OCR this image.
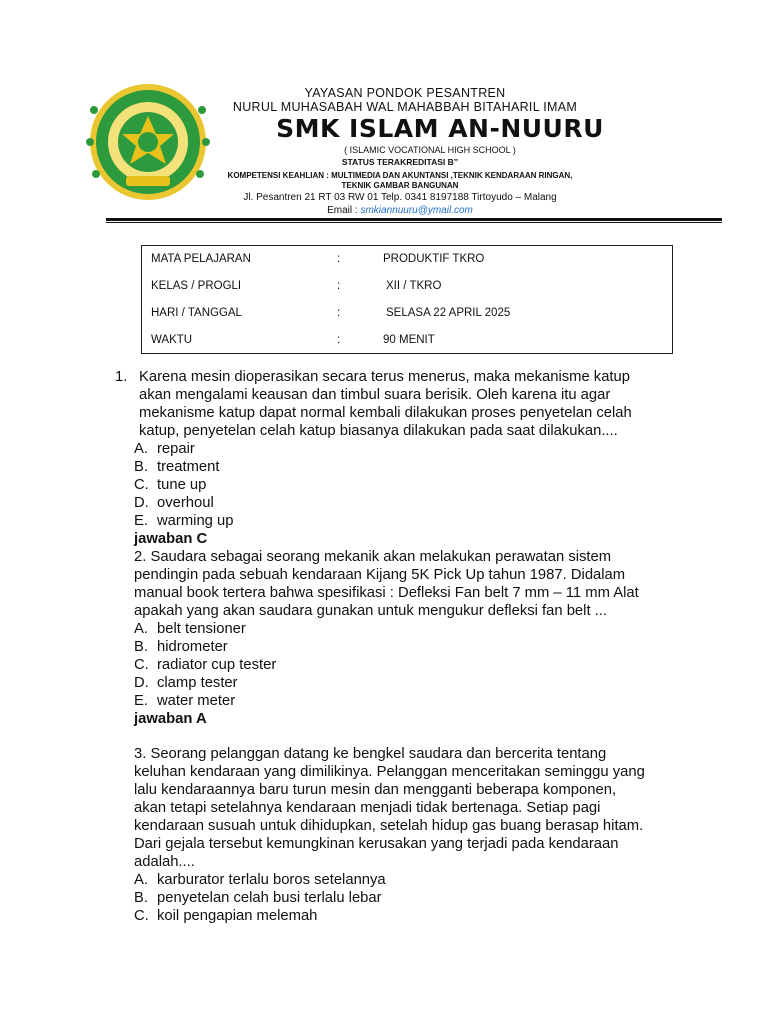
YAYASAN PONDOK PESANTREN
NURUL MUHASABAH WAL MAHABBAH BITAHARIL IMAM
SMK ISLAM AN-NUURU
( ISLAMIC VOCATIONAL HIGH SCHOOL )
STATUS TERAKREDITASI B’’
KOMPETENSI KEAHLIAN : MULTIMEDIA DAN AKUNTANSI ,TEKNIK KENDARAAN RINGAN,
TEKNIK GAMBAR BANGUNAN
Jl. Pesantren 21 RT 03 RW 01 Telp. 0341 8197188 Tirtoyudo – Malang
Email : smkiannuuru@ymail.com
MATA PELAJARAN	:	PRODUKTIF TKRO
KELAS / PROGLI	:	XII / TKRO
HARI / TANGGAL	:	SELASA 22 APRIL 2025
WAKTU	:	90 MENIT
1. Karena mesin dioperasikan secara terus menerus, maka mekanisme katup
akan mengalami keausan dan timbul suara berisik. Oleh karena itu agar
mekanisme katup dapat normal kembali dilakukan proses penyetelan celah
katup, penyetelan celah katup biasanya dilakukan pada saat dilakukan....
A. repair
B. treatment
C. tune up
D. overhoul
E. warming up
jawaban C
2. Saudara sebagai seorang mekanik akan melakukan perawatan sistem
pendingin pada sebuah kendaraan Kijang 5K Pick Up tahun 1987. Didalam
manual book tertera bahwa spesifikasi : Defleksi Fan belt 7 mm – 11 mm Alat
apakah yang akan saudara gunakan untuk mengukur defleksi fan belt ...
A. belt tensioner
B. hidrometer
C. radiator cup tester
D. clamp tester
E. water meter
jawaban A
3. Seorang pelanggan datang ke bengkel saudara dan bercerita tentang
keluhan kendaraan yang dimilikinya. Pelanggan menceritakan seminggu yang
lalu kendaraannya baru turun mesin dan mengganti beberapa komponen,
akan tetapi setelahnya kendaraan menjadi tidak bertenaga. Setiap pagi
kendaraan susuah untuk dihidupkan, setelah hidup gas buang berasap hitam.
Dari gejala tersebut kemungkinan kerusakan yang terjadi pada kendaraan
adalah....
A. karburator terlalu boros setelannya
B. penyetelan celah busi terlalu lebar
C. koil pengapian melemah
